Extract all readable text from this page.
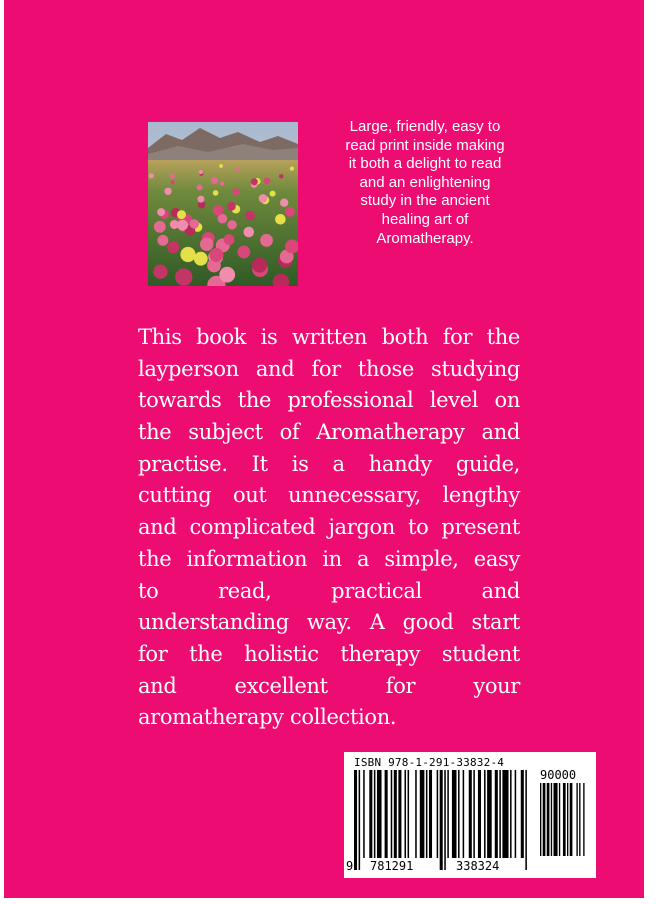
Large, friendly, easy to
read print inside making
it both a delight to read
and an enlightening
study in the ancient
healing art of
Aromatherapy.

This book is written both for the
layperson and for those studying
towards the professional level on
the subject of Aromatherapy and
practise. It is a handy guide,
cutting out unnecessary, lengthy
and complicated jargon to present
the information in a simple, easy
to read, practical and
understanding way. A good start
for the holistic therapy student
and excellent for your
aromatherapy collection.
ISBN 978-1-291-33832-4
90000
9 781291	338324
